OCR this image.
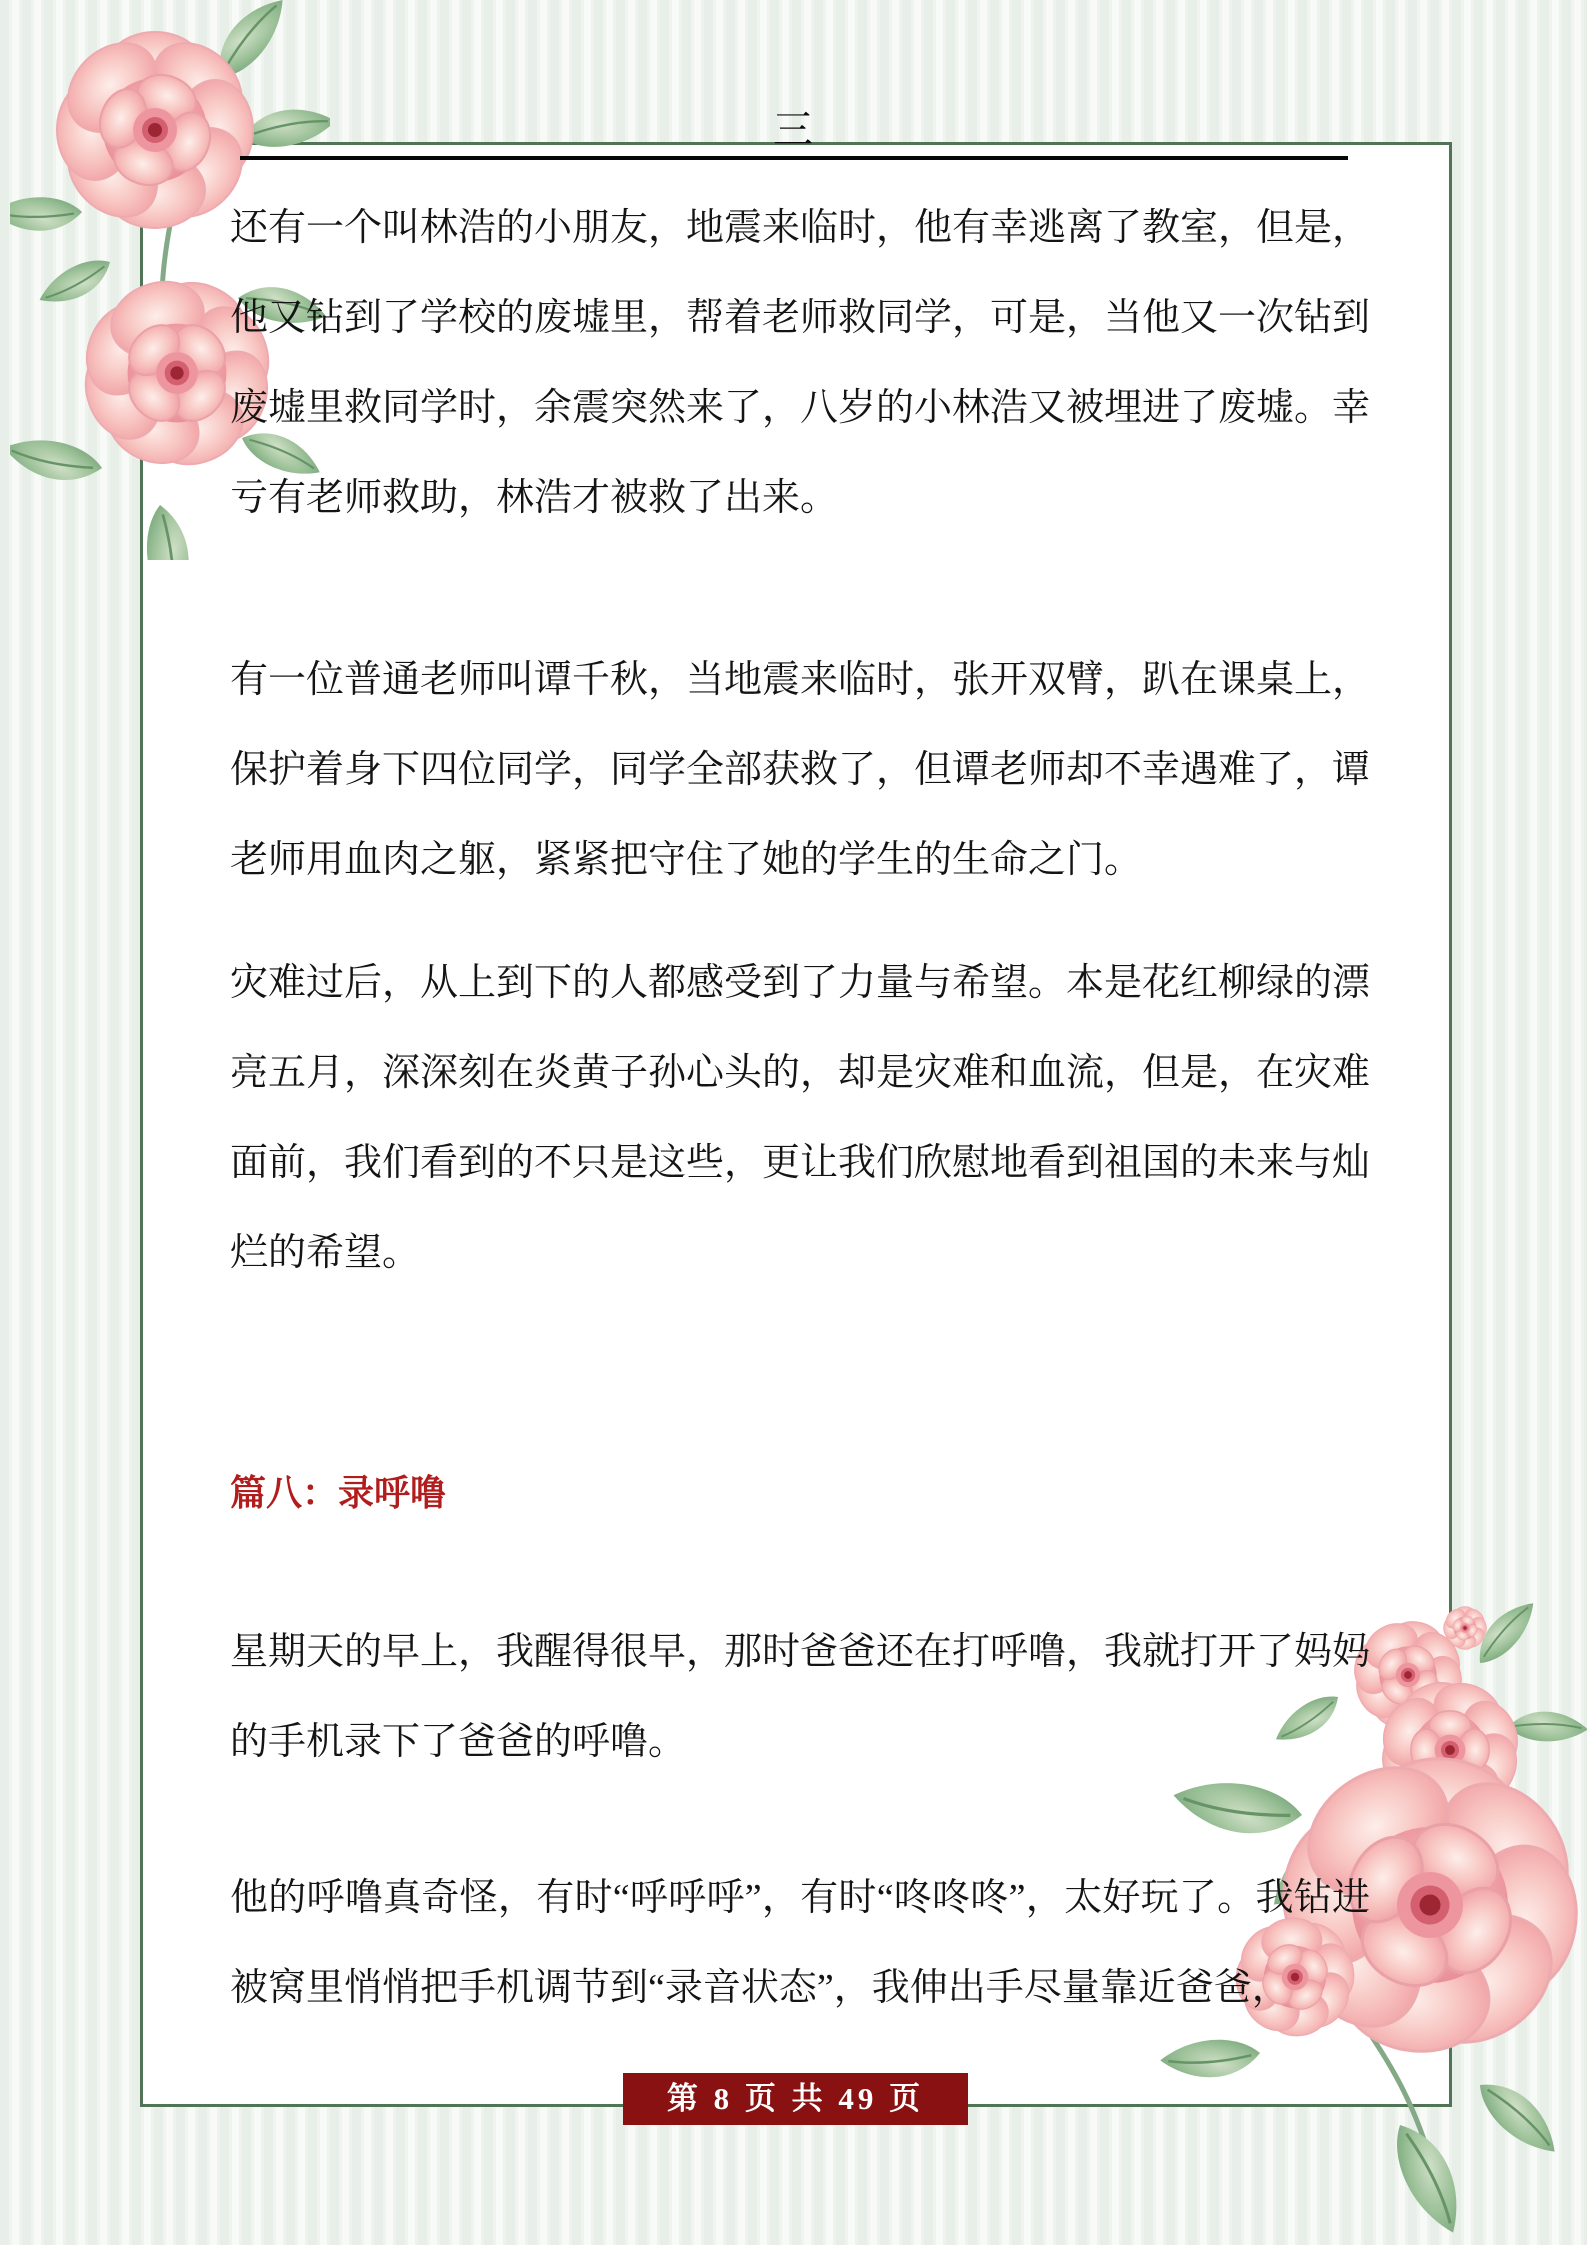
三

还有一个叫林浩的小朋友，地震来临时，他有幸逃离了教室，但是，他又钻到了学校的废墟里，帮着老师救同学，可是，当他又一次钻到废墟里救同学时，余震突然来了，八岁的小林浩又被埋进了废墟。幸亏有老师救助，林浩才被救了出来。

有一位普通老师叫谭千秋，当地震来临时，张开双臂，趴在课桌上，保护着身下四位同学，同学全部获救了，但谭老师却不幸遇难了，谭老师用血肉之躯，紧紧把守住了她的学生的生命之门。

灾难过后，从上到下的人都感受到了力量与希望。本是花红柳绿的漂亮五月，深深刻在炎黄子孙心头的，却是灾难和血流，但是，在灾难面前，我们看到的不只是这些，更让我们欣慰地看到祖国的未来与灿烂的希望。

篇八：录呼噜

星期天的早上，我醒得很早，那时爸爸还在打呼噜，我就打开了妈妈的手机录下了爸爸的呼噜。

他的呼噜真奇怪，有时“呼呼呼”，有时“咚咚咚”，太好玩了。我钻进被窝里悄悄把手机调节到“录音状态”，我伸出手尽量靠近爸爸，

第 8 页 共 49 页
